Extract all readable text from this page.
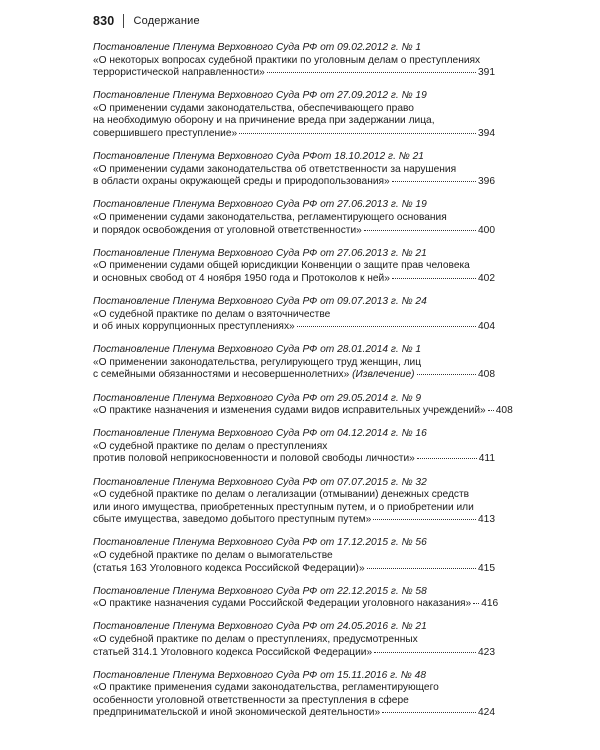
830 Содержание
Постановление Пленума Верховного Суда РФ от 09.02.2012 г. № 1
«О некоторых вопросах судебной практики по уголовным делам о преступлениях
террористической направленности»	391
Постановление Пленума Верховного Суда РФ от 27.09.2012 г. № 19
«О применении судами законодательства, обеспечивающего право
на необходимую оборону и на причинение вреда при задержании лица,
совершившего преступление»	394
Постановление Пленума Верховного Суда РФот 18.10.2012 г. № 21
«О применении судами законодательства об ответственности за нарушения
в области охраны окружающей среды и природопользования»	396
Постановление Пленума Верховного Суда РФ от 27.06.2013 г. № 19
«О применении судами законодательства, регламентирующего основания
и порядок освобождения от уголовной ответственности»	400
Постановление Пленума Верховного Суда РФ от 27.06.2013 г. № 21
«О применении судами общей юрисдикции Конвенции о защите прав человека
и основных свобод от 4 ноября 1950 года и Протоколов к ней»	402
Постановление Пленума Верховного Суда РФ от 09.07.2013 г. № 24
«О судебной практике по делам о взяточничестве
и об иных коррупционных преступлениях»	404
Постановление Пленума Верховного Суда РФ от 28.01.2014 г. № 1
«О применении законодательства, регулирующего труд женщин, лиц
с семейными обязанностями и несовершеннолетних» (Извлечение)	408
Постановление Пленума Верховного Суда РФ от 29.05.2014 г. № 9
«О практике назначения и изменения судами видов исправительных учреждений» 408
Постановление Пленума Верховного Суда РФ от 04.12.2014 г. № 16
«О судебной практике по делам о преступлениях
против половой неприкосновенности и половой свободы личности»	411
Постановление Пленума Верховного Суда РФ от 07.07.2015 г. № 32
«О судебной практике по делам о легализации (отмывании) денежных средств
или иного имущества, приобретенных преступным путем, и о приобретении или
сбыте имущества, заведомо добытого преступным путем»	413
Постановление Пленума Верховного Суда РФ от 17.12.2015 г. № 56
«О судебной практике по делам о вымогательстве
(статья 163 Уголовного кодекса Российской Федерации)»	415
Постановление Пленума Верховного Суда РФ от 22.12.2015 г. № 58
«О практике назначения судами Российской Федерации уголовного наказания» 416
Постановление Пленума Верховного Суда РФ от 24.05.2016 г. № 21
«О судебной практике по делам о преступлениях, предусмотренных
статьей 314.1 Уголовного кодекса Российской Федерации»	423
Постановление Пленума Верховного Суда РФ от 15.11.2016 г. № 48
«О практике применения судами законодательства, регламентирующего
особенности уголовной ответственности за преступления в сфере
предпринимательской и иной экономической деятельности»	424
